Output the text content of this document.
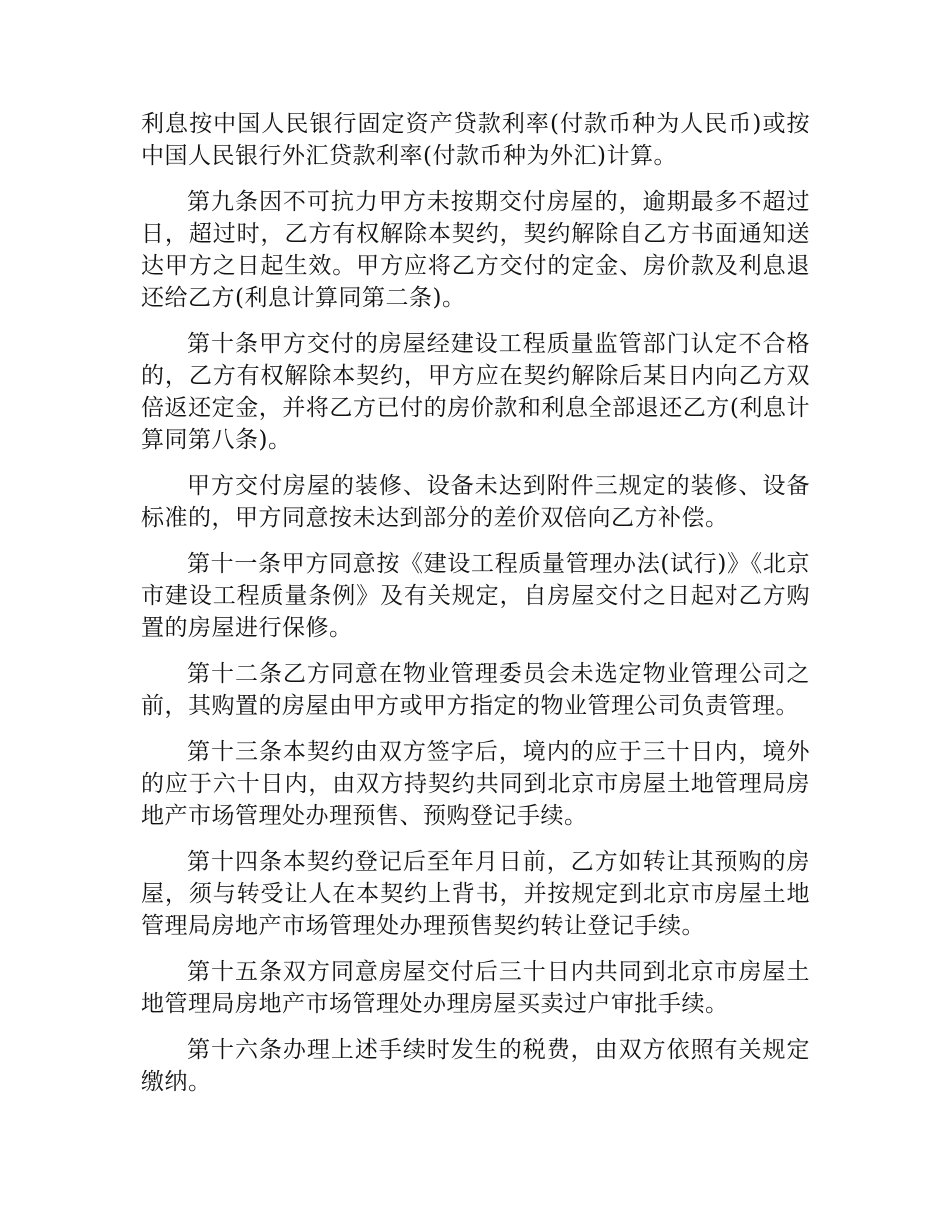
利息按中国人民银行固定资产贷款利率(付款币种为人民币)或按中国人民银行外汇贷款利率(付款币种为外汇)计算。

第九条因不可抗力甲方未按期交付房屋的，逾期最多不超过日，超过时，乙方有权解除本契约，契约解除自乙方书面通知送达甲方之日起生效。甲方应将乙方交付的定金、房价款及利息退还给乙方(利息计算同第二条)。

第十条甲方交付的房屋经建设工程质量监管部门认定不合格的，乙方有权解除本契约，甲方应在契约解除后某日内向乙方双倍返还定金，并将乙方已付的房价款和利息全部退还乙方(利息计算同第八条)。

甲方交付房屋的装修、设备未达到附件三规定的装修、设备标准的，甲方同意按未达到部分的差价双倍向乙方补偿。

第十一条甲方同意按《建设工程质量管理办法(试行)》《北京市建设工程质量条例》及有关规定，自房屋交付之日起对乙方购置的房屋进行保修。

第十二条乙方同意在物业管理委员会未选定物业管理公司之前，其购置的房屋由甲方或甲方指定的物业管理公司负责管理。

第十三条本契约由双方签字后，境内的应于三十日内，境外的应于六十日内，由双方持契约共同到北京市房屋土地管理局房地产市场管理处办理预售、预购登记手续。

第十四条本契约登记后至年月日前，乙方如转让其预购的房屋，须与转受让人在本契约上背书，并按规定到北京市房屋土地管理局房地产市场管理处办理预售契约转让登记手续。

第十五条双方同意房屋交付后三十日内共同到北京市房屋土地管理局房地产市场管理处办理房屋买卖过户审批手续。

第十六条办理上述手续时发生的税费，由双方依照有关规定缴纳。
